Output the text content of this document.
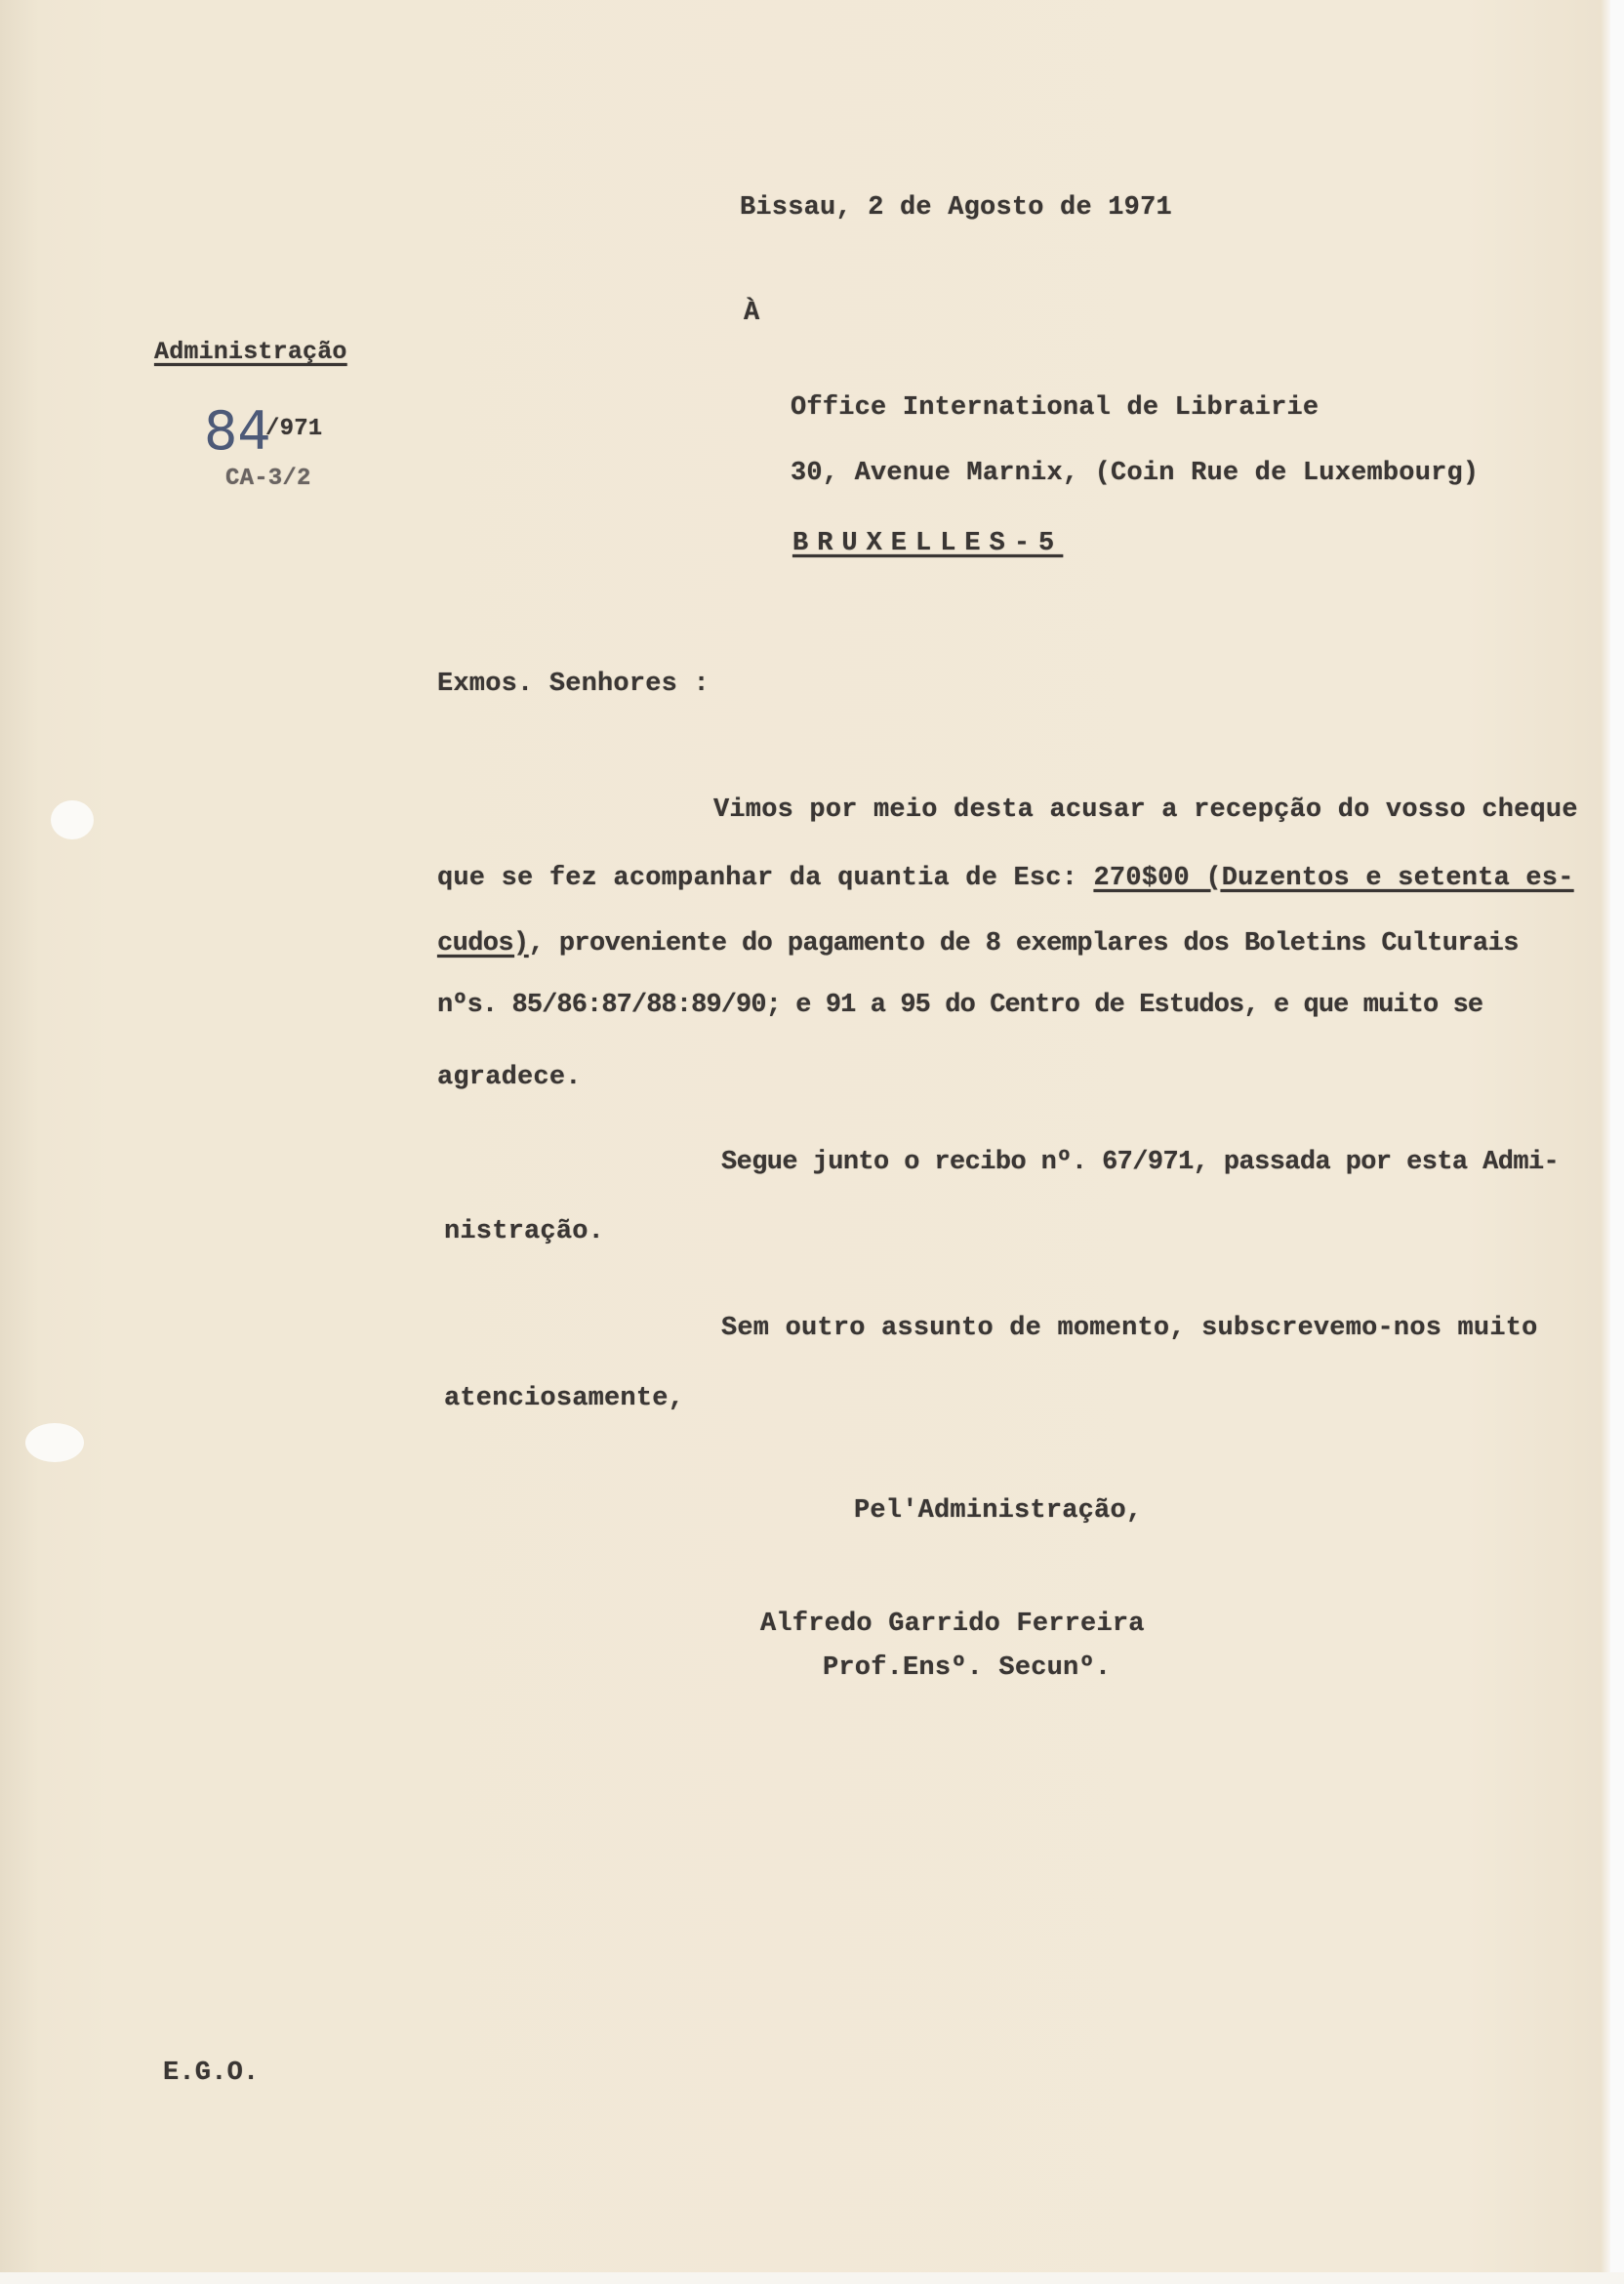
Bissau, 2 de Agosto de 1971
À
Administração
84
/971
CA-3/2
Office International de Librairie
30, Avenue Marnix, (Coin Rue de Luxembourg)
BRUXELLES-5
Exmos. Senhores :
Vimos por meio desta acusar a recepção do vosso cheque
que se fez acompanhar da quantia de Esc: 270$00 (Duzentos e setenta es-
cudos), proveniente do pagamento de 8 exemplares dos Boletins Culturais
nºs. 85/86:87/88:89/90; e 91 a 95 do Centro de Estudos, e que muito se
agradece.
Segue junto o recibo nº. 67/971, passada por esta Admi-
nistração.
Sem outro assunto de momento, subscrevemo-nos muito
atenciosamente,
Pel'Administração,
Alfredo Garrido Ferreira
Prof.Ensº. Secunº.
E.G.O.
